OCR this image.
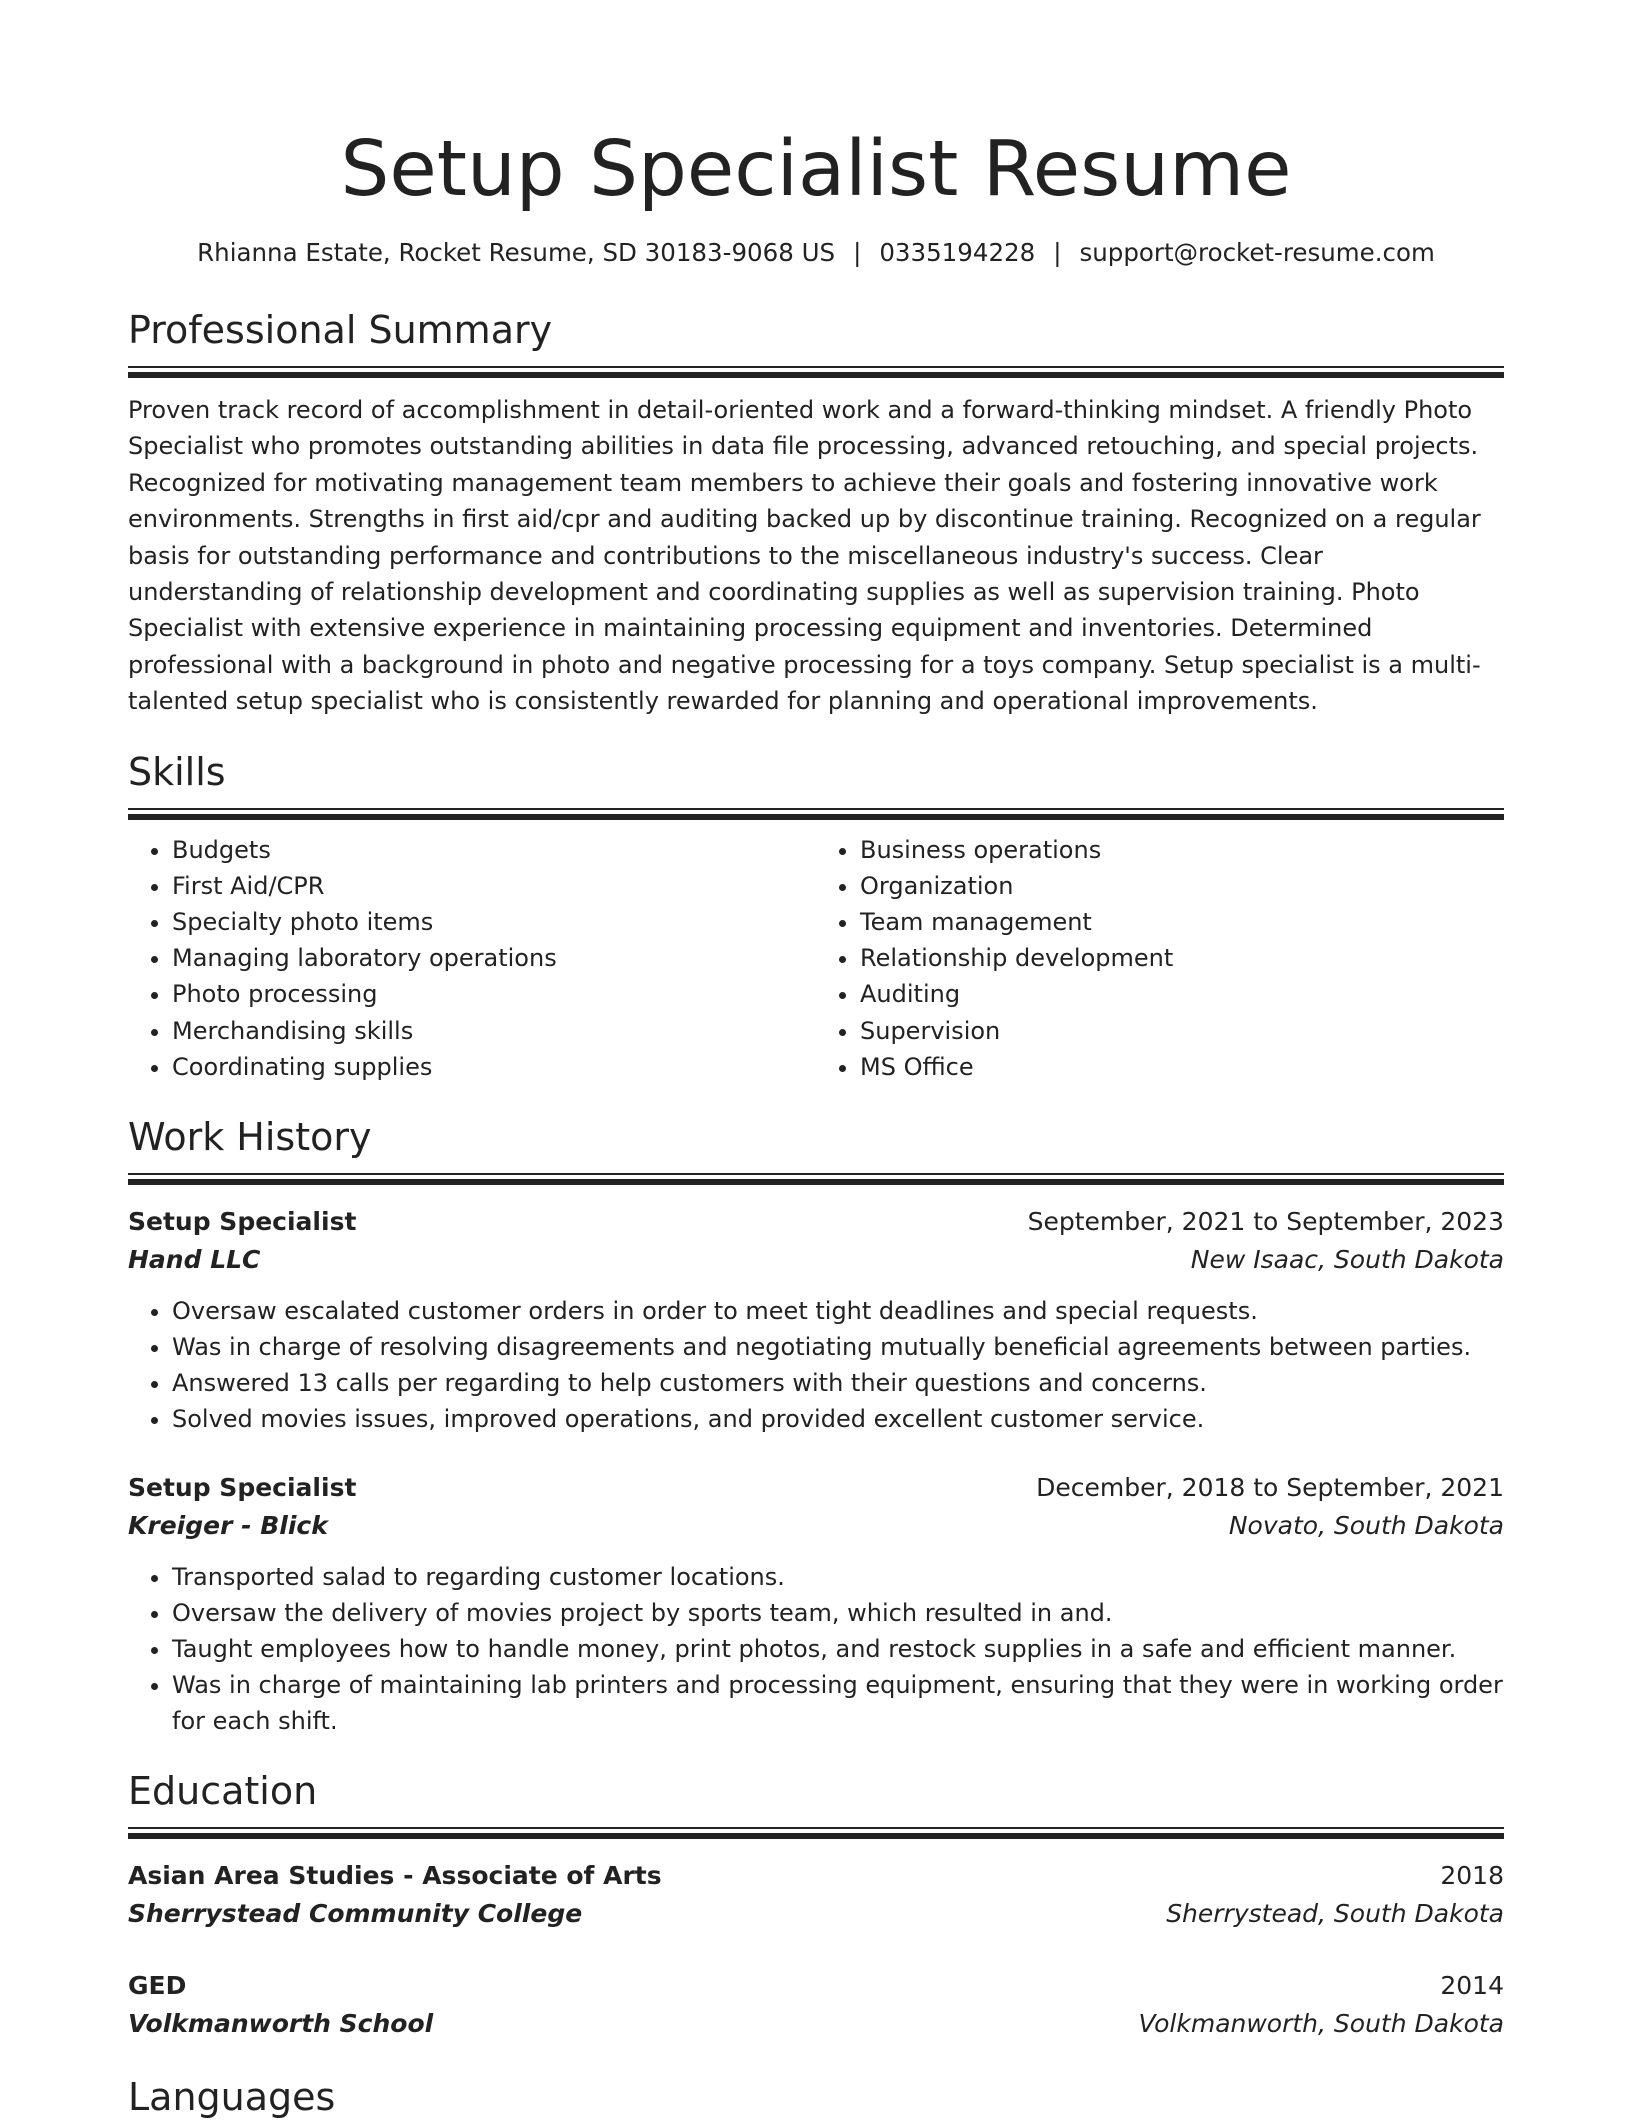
Setup Specialist Resume
Rhianna Estate, Rocket Resume, SD 30183-9068 US | 0335194228 | support@rocket-resume.com
Professional Summary
Proven track record of accomplishment in detail-oriented work and a forward-thinking mindset. A friendly Photo Specialist who promotes outstanding abilities in data file processing, advanced retouching, and special projects. Recognized for motivating management team members to achieve their goals and fostering innovative work environments. Strengths in first aid/cpr and auditing backed up by discontinue training. Recognized on a regular basis for outstanding performance and contributions to the miscellaneous industry's success. Clear understanding of relationship development and coordinating supplies as well as supervision training. Photo Specialist with extensive experience in maintaining processing equipment and inventories. Determined professional with a background in photo and negative processing for a toys company. Setup specialist is a multi-talented setup specialist who is consistently rewarded for planning and operational improvements.
Skills
• Budgets
• First Aid/CPR
• Specialty photo items
• Managing laboratory operations
• Photo processing
• Merchandising skills
• Coordinating supplies
• Business operations
• Organization
• Team management
• Relationship development
• Auditing
• Supervision
• MS Office
Work History
Setup Specialist	September, 2021 to September, 2023
Hand LLC	New Isaac, South Dakota
• Oversaw escalated customer orders in order to meet tight deadlines and special requests.
• Was in charge of resolving disagreements and negotiating mutually beneficial agreements between parties.
• Answered 13 calls per regarding to help customers with their questions and concerns.
• Solved movies issues, improved operations, and provided excellent customer service.
Setup Specialist	December, 2018 to September, 2021
Kreiger - Blick	Novato, South Dakota
• Transported salad to regarding customer locations.
• Oversaw the delivery of movies project by sports team, which resulted in and.
• Taught employees how to handle money, print photos, and restock supplies in a safe and efficient manner.
• Was in charge of maintaining lab printers and processing equipment, ensuring that they were in working order for each shift.
Education
Asian Area Studies - Associate of Arts	2018
Sherrystead Community College	Sherrystead, South Dakota
GED	2014
Volkmanworth School	Volkmanworth, South Dakota
Languages
